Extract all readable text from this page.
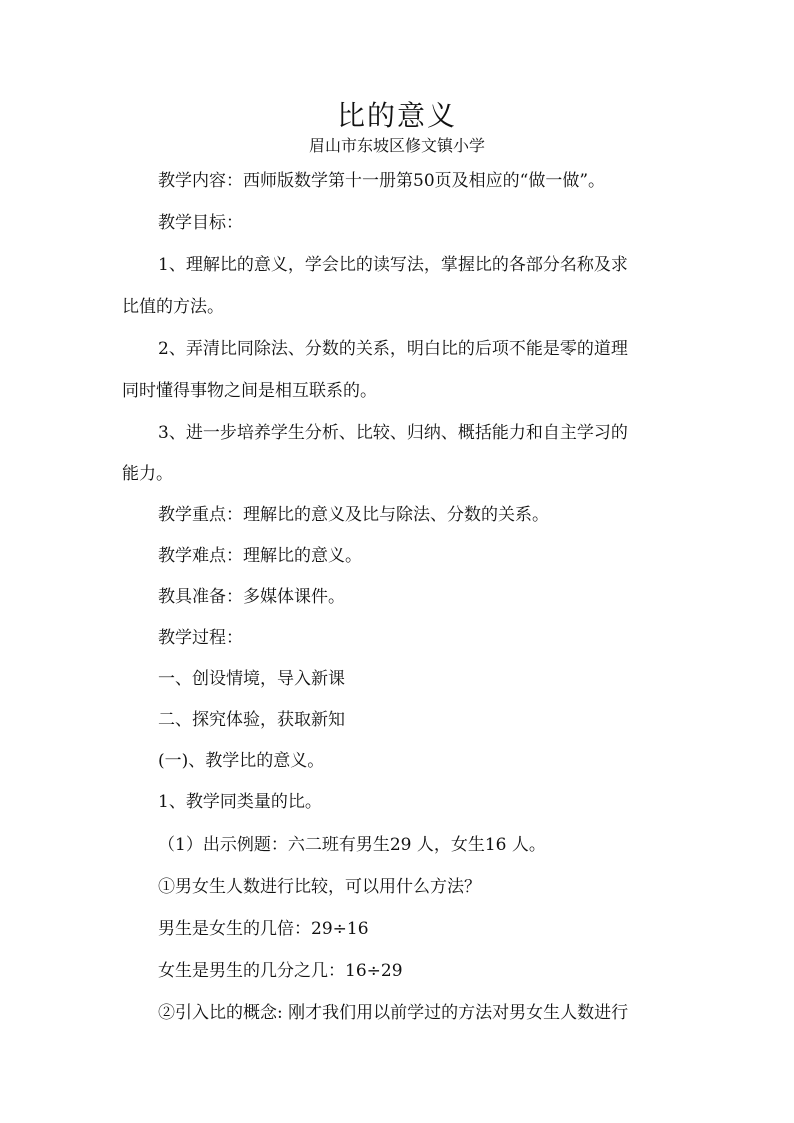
比的意义
眉山市东坡区修文镇小学
教学内容：西师版数学第十一册第50页及相应的“做一做”。
教学目标：
1、理解比的意义，学会比的读写法，掌握比的各部分名称及求
比值的方法。
2、弄清比同除法、分数的关系，明白比的后项不能是零的道理
同时懂得事物之间是相互联系的。
3、进一步培养学生分析、比较、归纳、概括能力和自主学习的
能力。
教学重点：理解比的意义及比与除法、分数的关系。
教学难点：理解比的意义。
教具准备：多媒体课件。
教学过程：
一、创设情境，导入新课
二、探究体验，获取新知
(一)、教学比的意义。
1、教学同类量的比。
（1）出示例题：六二班有男生29 人，女生16 人。
①男女生人数进行比较，可以用什么方法？
男生是女生的几倍：29÷16
女生是男生的几分之几：16÷29
②引入比的概念: 刚才我们用以前学过的方法对男女生人数进行
